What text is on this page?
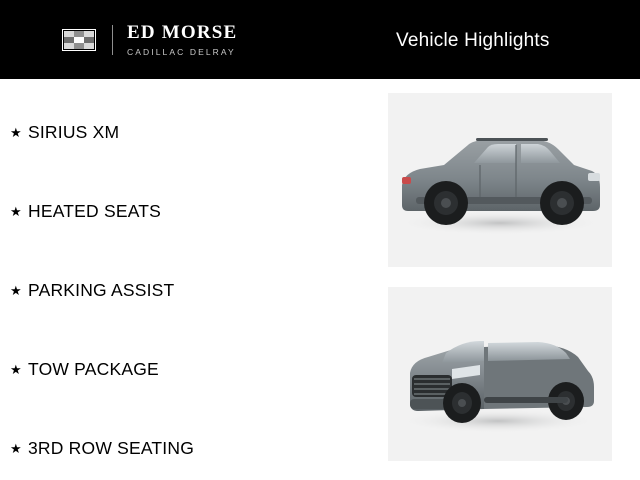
ED MORSE
CADILLAC DELRAY
Vehicle Highlights
★ SIRIUS XM
★ HEATED SEATS
★ PARKING ASSIST
★ TOW PACKAGE
★ 3RD ROW SEATING
